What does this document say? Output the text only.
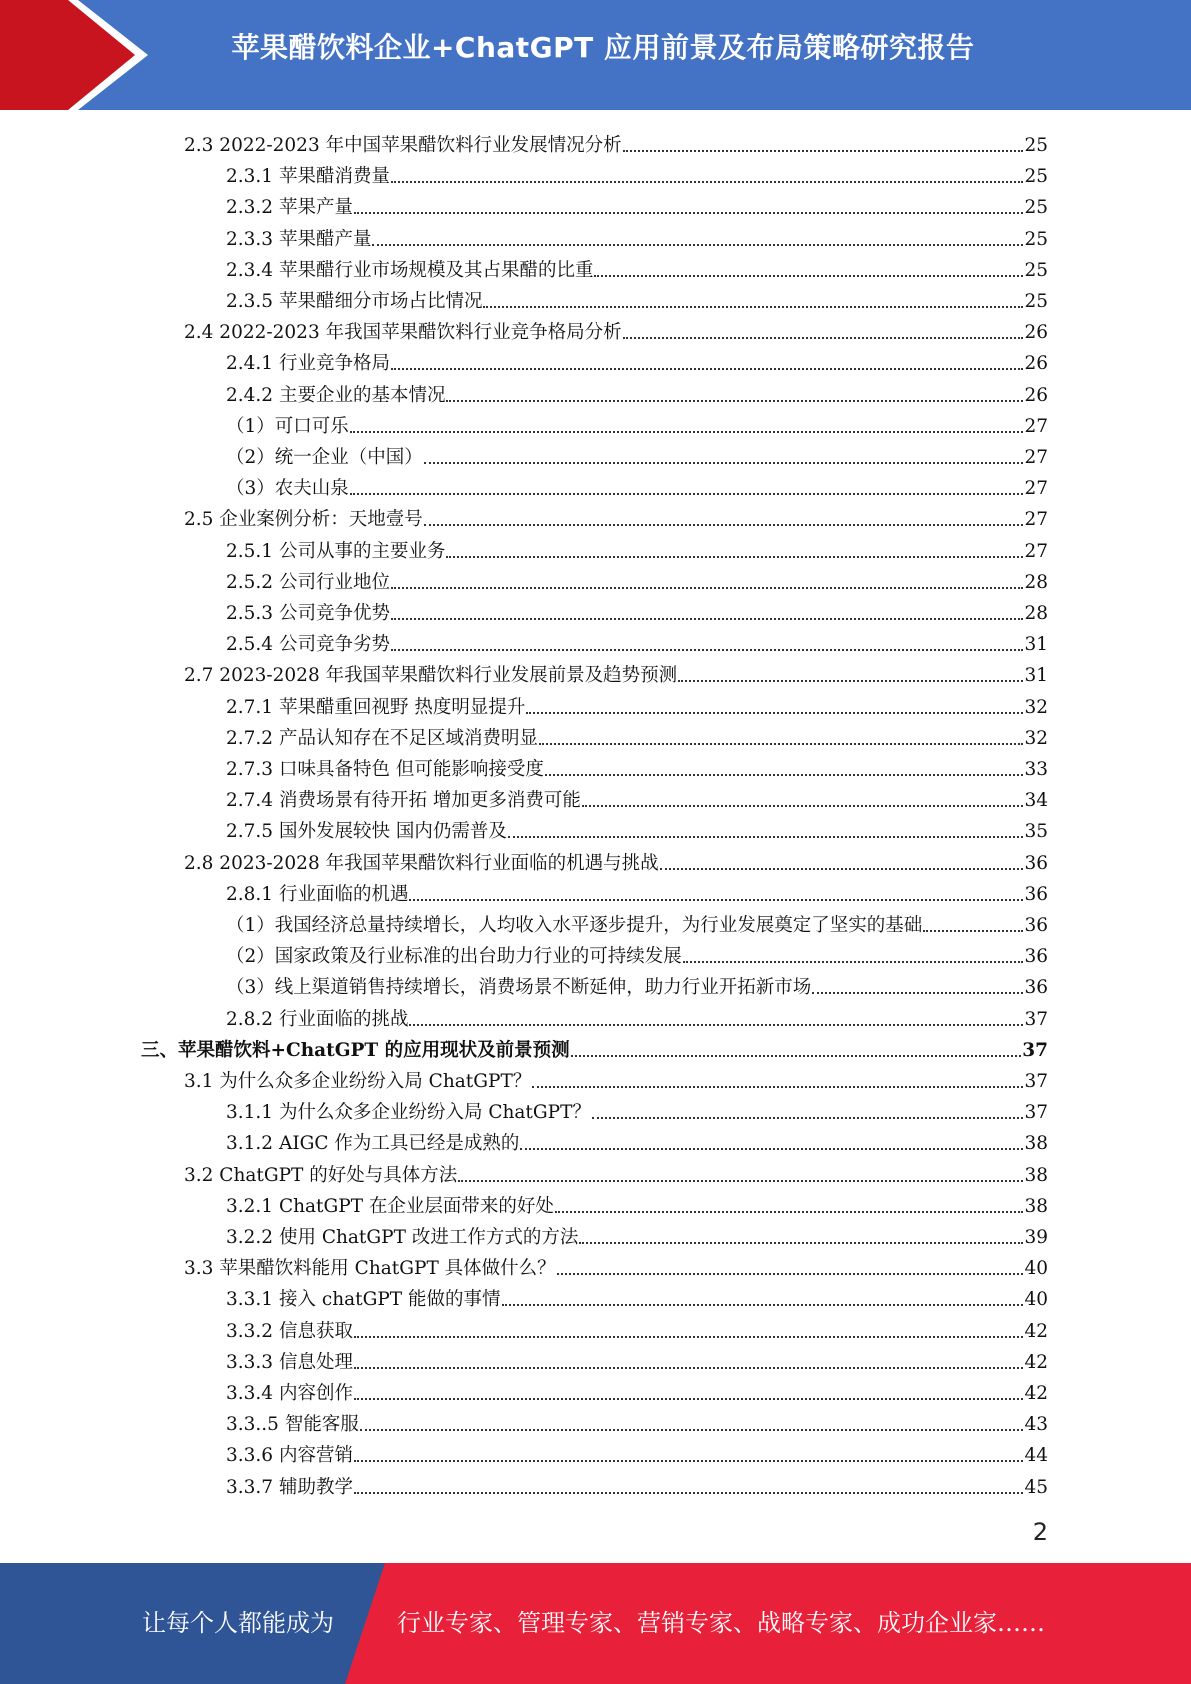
苹果醋饮料企业+ChatGPT 应用前景及布局策略研究报告
2.3 2022-2023 年中国苹果醋饮料行业发展情况分析	25
2.3.1 苹果醋消费量	25
2.3.2 苹果产量	25
2.3.3 苹果醋产量	25
2.3.4 苹果醋行业市场规模及其占果醋的比重	25
2.3.5 苹果醋细分市场占比情况	25
2.4 2022-2023 年我国苹果醋饮料行业竞争格局分析	26
2.4.1 行业竞争格局	26
2.4.2 主要企业的基本情况	26
（1）可口可乐	27
（2）统一企业（中国）	27
（3）农夫山泉	27
2.5 企业案例分析：天地壹号	27
2.5.1 公司从事的主要业务	27
2.5.2 公司行业地位	28
2.5.3 公司竞争优势	28
2.5.4 公司竞争劣势	31
2.7 2023-2028 年我国苹果醋饮料行业发展前景及趋势预测	31
2.7.1 苹果醋重回视野 热度明显提升	32
2.7.2 产品认知存在不足区域消费明显	32
2.7.3 口味具备特色 但可能影响接受度	33
2.7.4 消费场景有待开拓 增加更多消费可能	34
2.7.5 国外发展较快 国内仍需普及	35
2.8 2023-2028 年我国苹果醋饮料行业面临的机遇与挑战	36
2.8.1 行业面临的机遇	36
（1）我国经济总量持续增长，人均收入水平逐步提升，为行业发展奠定了坚实的基础	36
（2）国家政策及行业标准的出台助力行业的可持续发展	36
（3）线上渠道销售持续增长，消费场景不断延伸，助力行业开拓新市场	36
2.8.2 行业面临的挑战	37
三、苹果醋饮料+ChatGPT 的应用现状及前景预测	37
3.1 为什么众多企业纷纷入局 ChatGPT？	37
3.1.1 为什么众多企业纷纷入局 ChatGPT？	37
3.1.2 AIGC 作为工具已经是成熟的	38
3.2 ChatGPT 的好处与具体方法	38
3.2.1 ChatGPT 在企业层面带来的好处	38
3.2.2 使用 ChatGPT 改进工作方式的方法	39
3.3 苹果醋饮料能用 ChatGPT 具体做什么？	40
3.3.1 接入 chatGPT 能做的事情	40
3.3.2 信息获取	42
3.3.3 信息处理	42
3.3.4 内容创作	42
3.3..5 智能客服	43
3.3.6 内容营销	44
3.3.7 辅助教学	45
2
让每个人都能成为	行业专家、管理专家、营销专家、战略专家、成功企业家……
